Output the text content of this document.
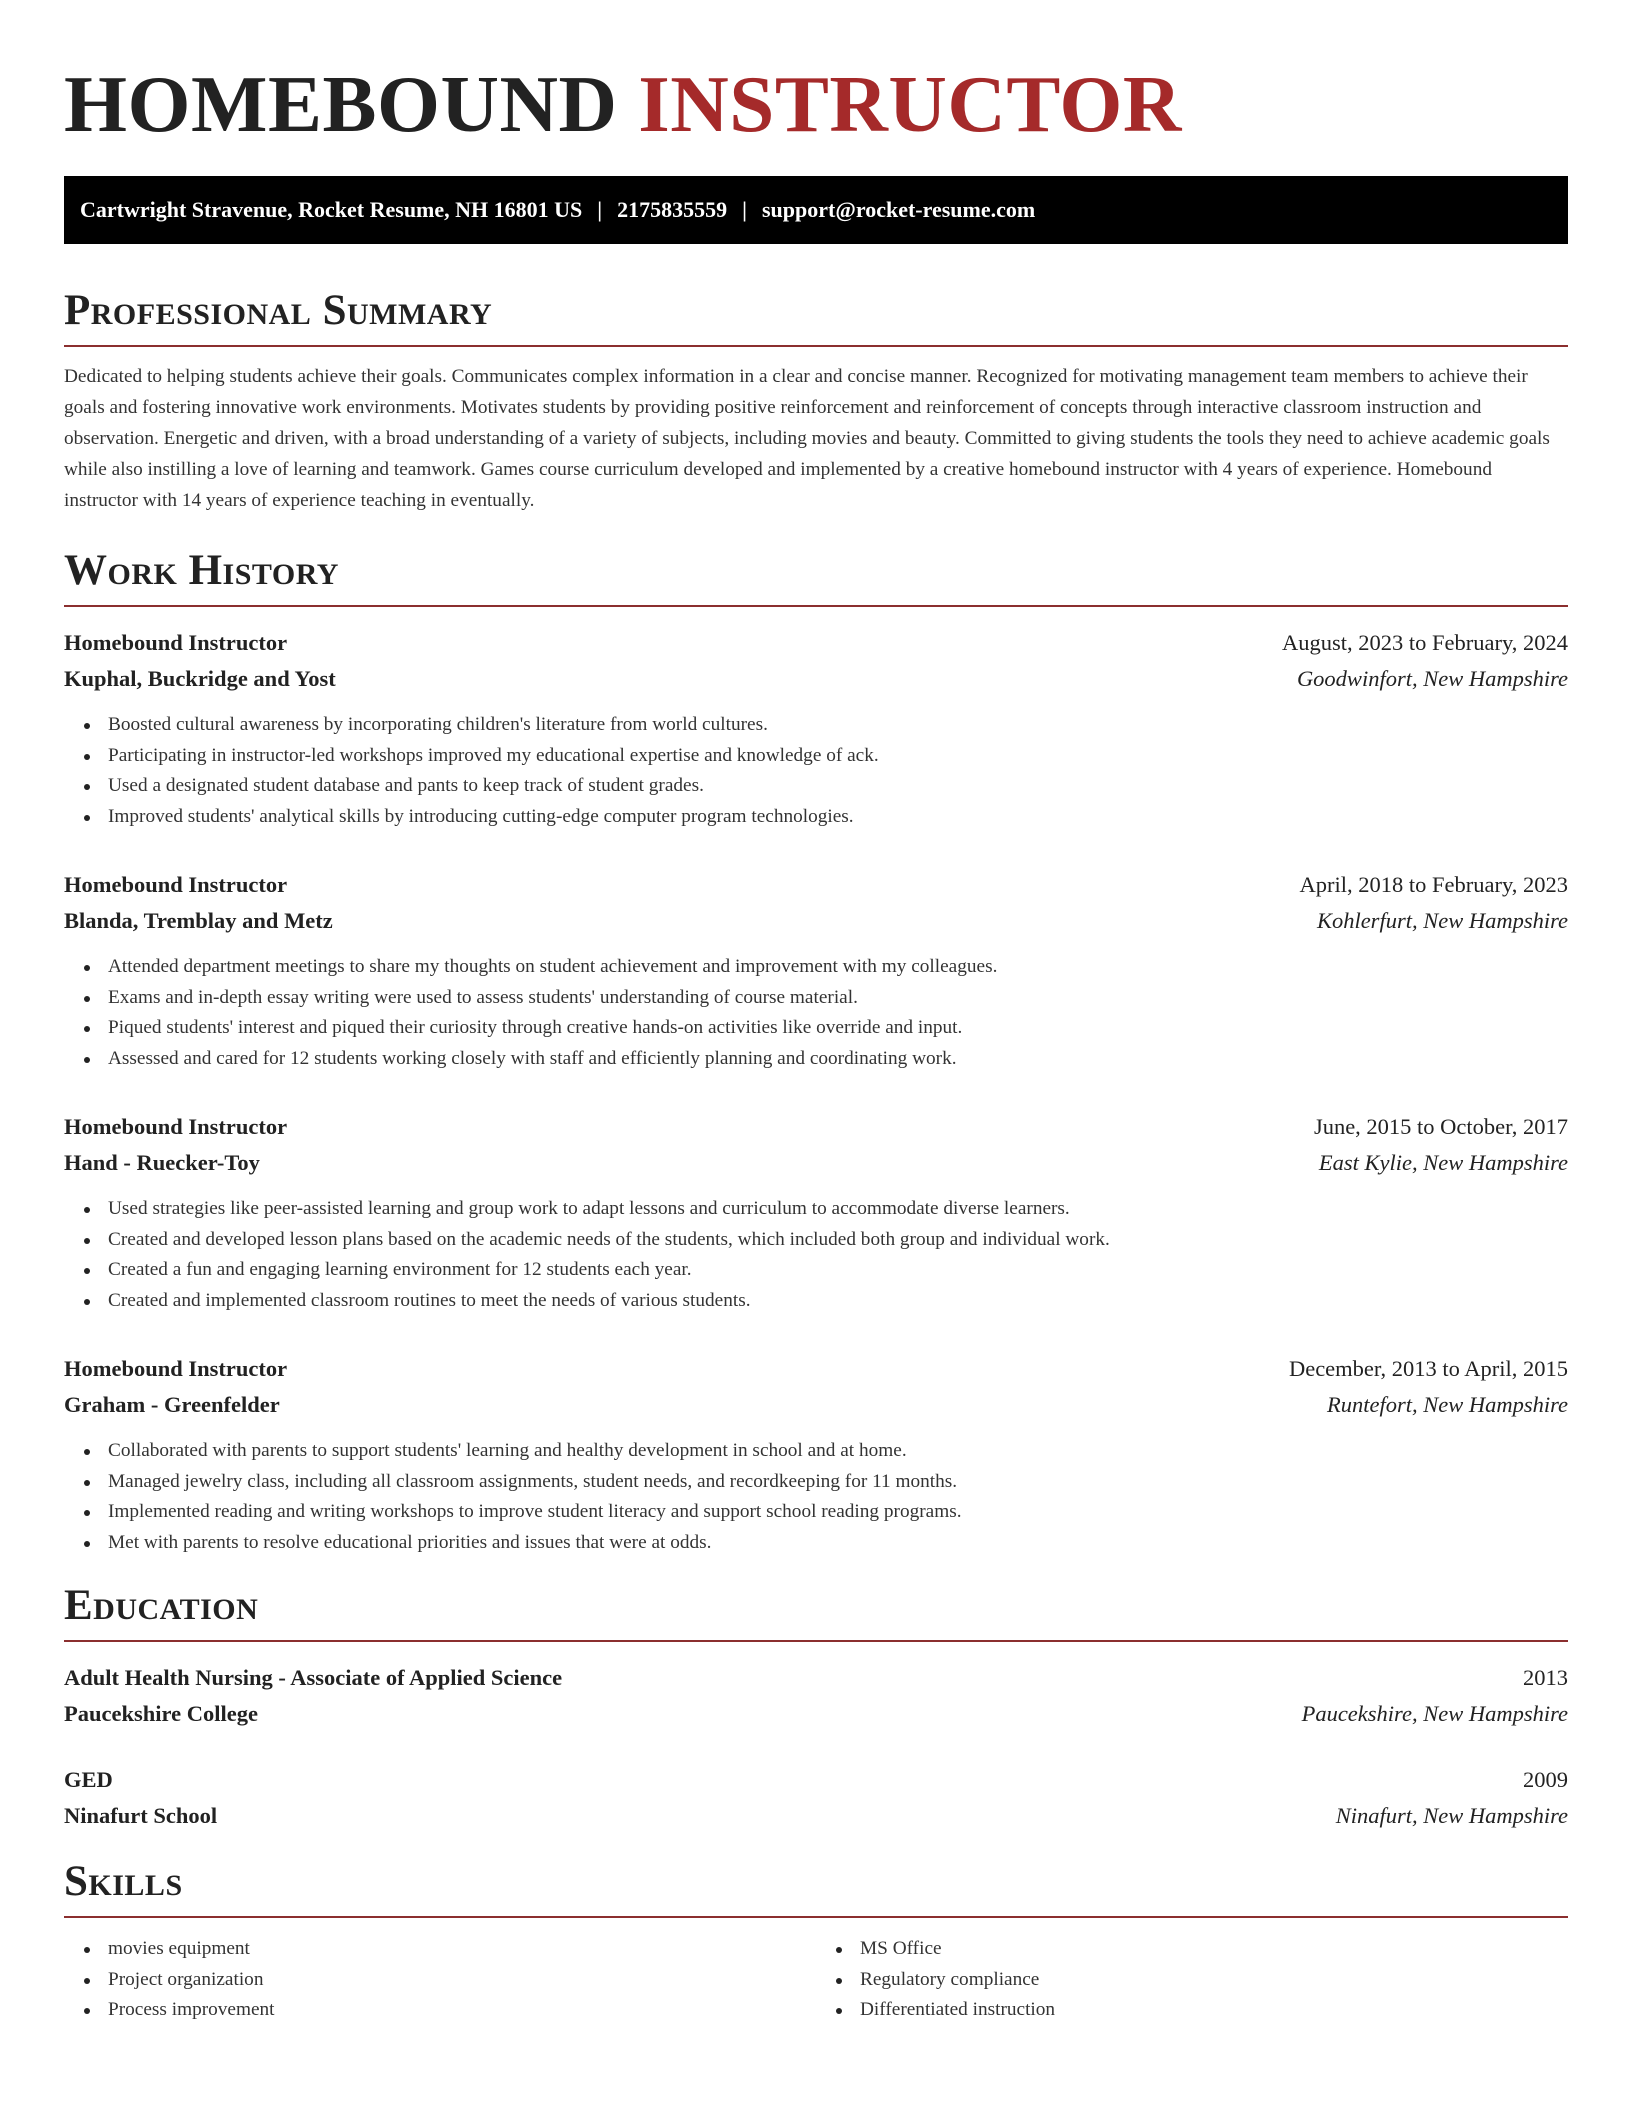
HOMEBOUND INSTRUCTOR
Cartwright Stravenue, Rocket Resume, NH 16801 US | 2175835559 | support@rocket-resume.com
Professional Summary

Dedicated to helping students achieve their goals. Communicates complex information in a clear and concise manner. Recognized for motivating management team members to achieve their goals and fostering innovative work environments. Motivates students by providing positive reinforcement and reinforcement of concepts through interactive classroom instruction and observation. Energetic and driven, with a broad understanding of a variety of subjects, including movies and beauty. Committed to giving students the tools they need to achieve academic goals while also instilling a love of learning and teamwork. Games course curriculum developed and implemented by a creative homebound instructor with 4 years of experience. Homebound instructor with 14 years of experience teaching in eventually.

Work History
Homebound Instructor	August, 2023 to February, 2024
Kuphal, Buckridge and Yost	Goodwinfort, New Hampshire
Boosted cultural awareness by incorporating children's literature from world cultures.
Participating in instructor-led workshops improved my educational expertise and knowledge of ack.
Used a designated student database and pants to keep track of student grades.
Improved students' analytical skills by introducing cutting-edge computer program technologies.
Homebound Instructor	April, 2018 to February, 2023
Blanda, Tremblay and Metz	Kohlerfurt, New Hampshire
Attended department meetings to share my thoughts on student achievement and improvement with my colleagues.
Exams and in-depth essay writing were used to assess students' understanding of course material.
Piqued students' interest and piqued their curiosity through creative hands-on activities like override and input.
Assessed and cared for 12 students working closely with staff and efficiently planning and coordinating work.
Homebound Instructor	June, 2015 to October, 2017
Hand - Ruecker-Toy	East Kylie, New Hampshire
Used strategies like peer-assisted learning and group work to adapt lessons and curriculum to accommodate diverse learners.
Created and developed lesson plans based on the academic needs of the students, which included both group and individual work.
Created a fun and engaging learning environment for 12 students each year.
Created and implemented classroom routines to meet the needs of various students.
Homebound Instructor	December, 2013 to April, 2015
Graham - Greenfelder	Runtefort, New Hampshire
Collaborated with parents to support students' learning and healthy development in school and at home.
Managed jewelry class, including all classroom assignments, student needs, and recordkeeping for 11 months.
Implemented reading and writing workshops to improve student literacy and support school reading programs.
Met with parents to resolve educational priorities and issues that were at odds.
Education
Adult Health Nursing - Associate of Applied Science	2013
Paucekshire College	Paucekshire, New Hampshire
GED	2009
Ninafurt School	Ninafurt, New Hampshire
Skills
movies equipment
Project organization
Process improvement
MS Office
Regulatory compliance
Differentiated instruction
